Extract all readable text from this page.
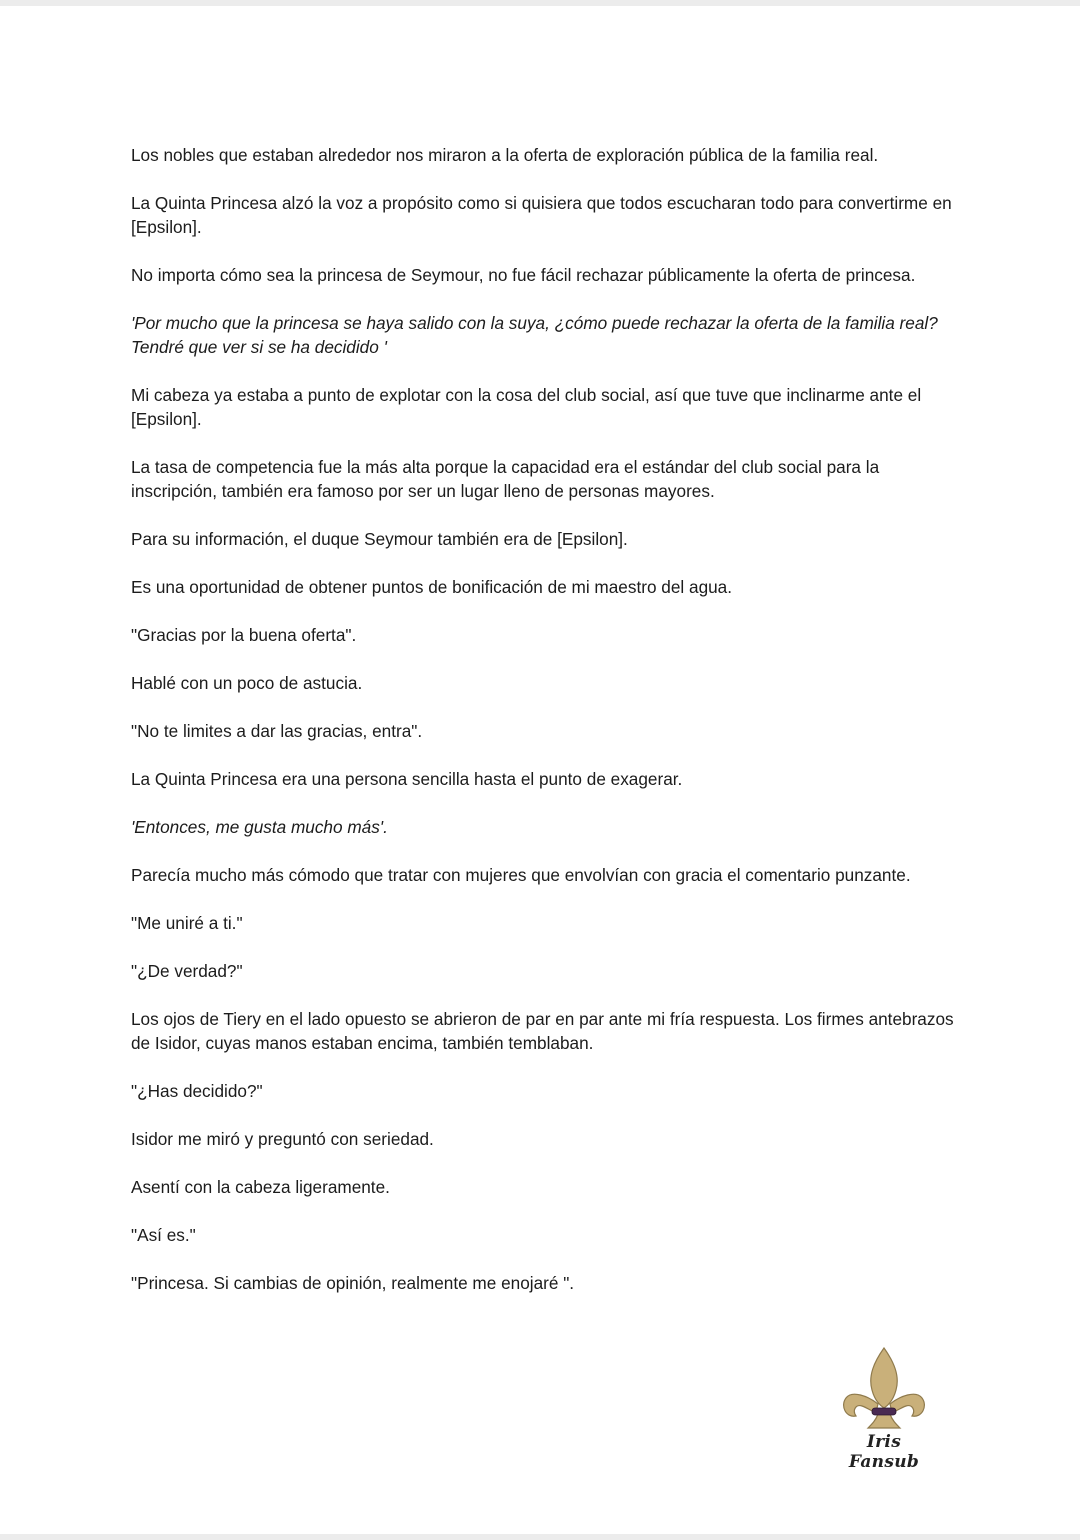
Los nobles que estaban alrededor nos miraron a la oferta de exploración pública de la familia real.

La Quinta Princesa alzó la voz a propósito como si quisiera que todos escucharan todo para convertirme en [Epsilon].

No importa cómo sea la princesa de Seymour, no fue fácil rechazar públicamente la oferta de princesa.

'Por mucho que la princesa se haya salido con la suya, ¿cómo puede rechazar la oferta de la familia real? Tendré que ver si se ha decidido '

Mi cabeza ya estaba a punto de explotar con la cosa del club social, así que tuve que inclinarme ante el [Epsilon].

La tasa de competencia fue la más alta porque la capacidad era el estándar del club social para la inscripción, también era famoso por ser un lugar lleno de personas mayores.

Para su información, el duque Seymour también era de [Epsilon].

Es una oportunidad de obtener puntos de bonificación de mi maestro del agua.

"Gracias por la buena oferta".

Hablé con un poco de astucia.

"No te limites a dar las gracias, entra".

La Quinta Princesa era una persona sencilla hasta el punto de exagerar.

'Entonces, me gusta mucho más'.

Parecía mucho más cómodo que tratar con mujeres que envolvían con gracia el comentario punzante.

"Me uniré a ti."

"¿De verdad?"

Los ojos de Tiery en el lado opuesto se abrieron de par en par ante mi fría respuesta. Los firmes antebrazos de Isidor, cuyas manos estaban encima, también temblaban.

"¿Has decidido?"

Isidor me miró y preguntó con seriedad.

Asentí con la cabeza ligeramente.

"Así es."

"Princesa. Si cambias de opinión, realmente me enojaré ".

Iris Fansub
